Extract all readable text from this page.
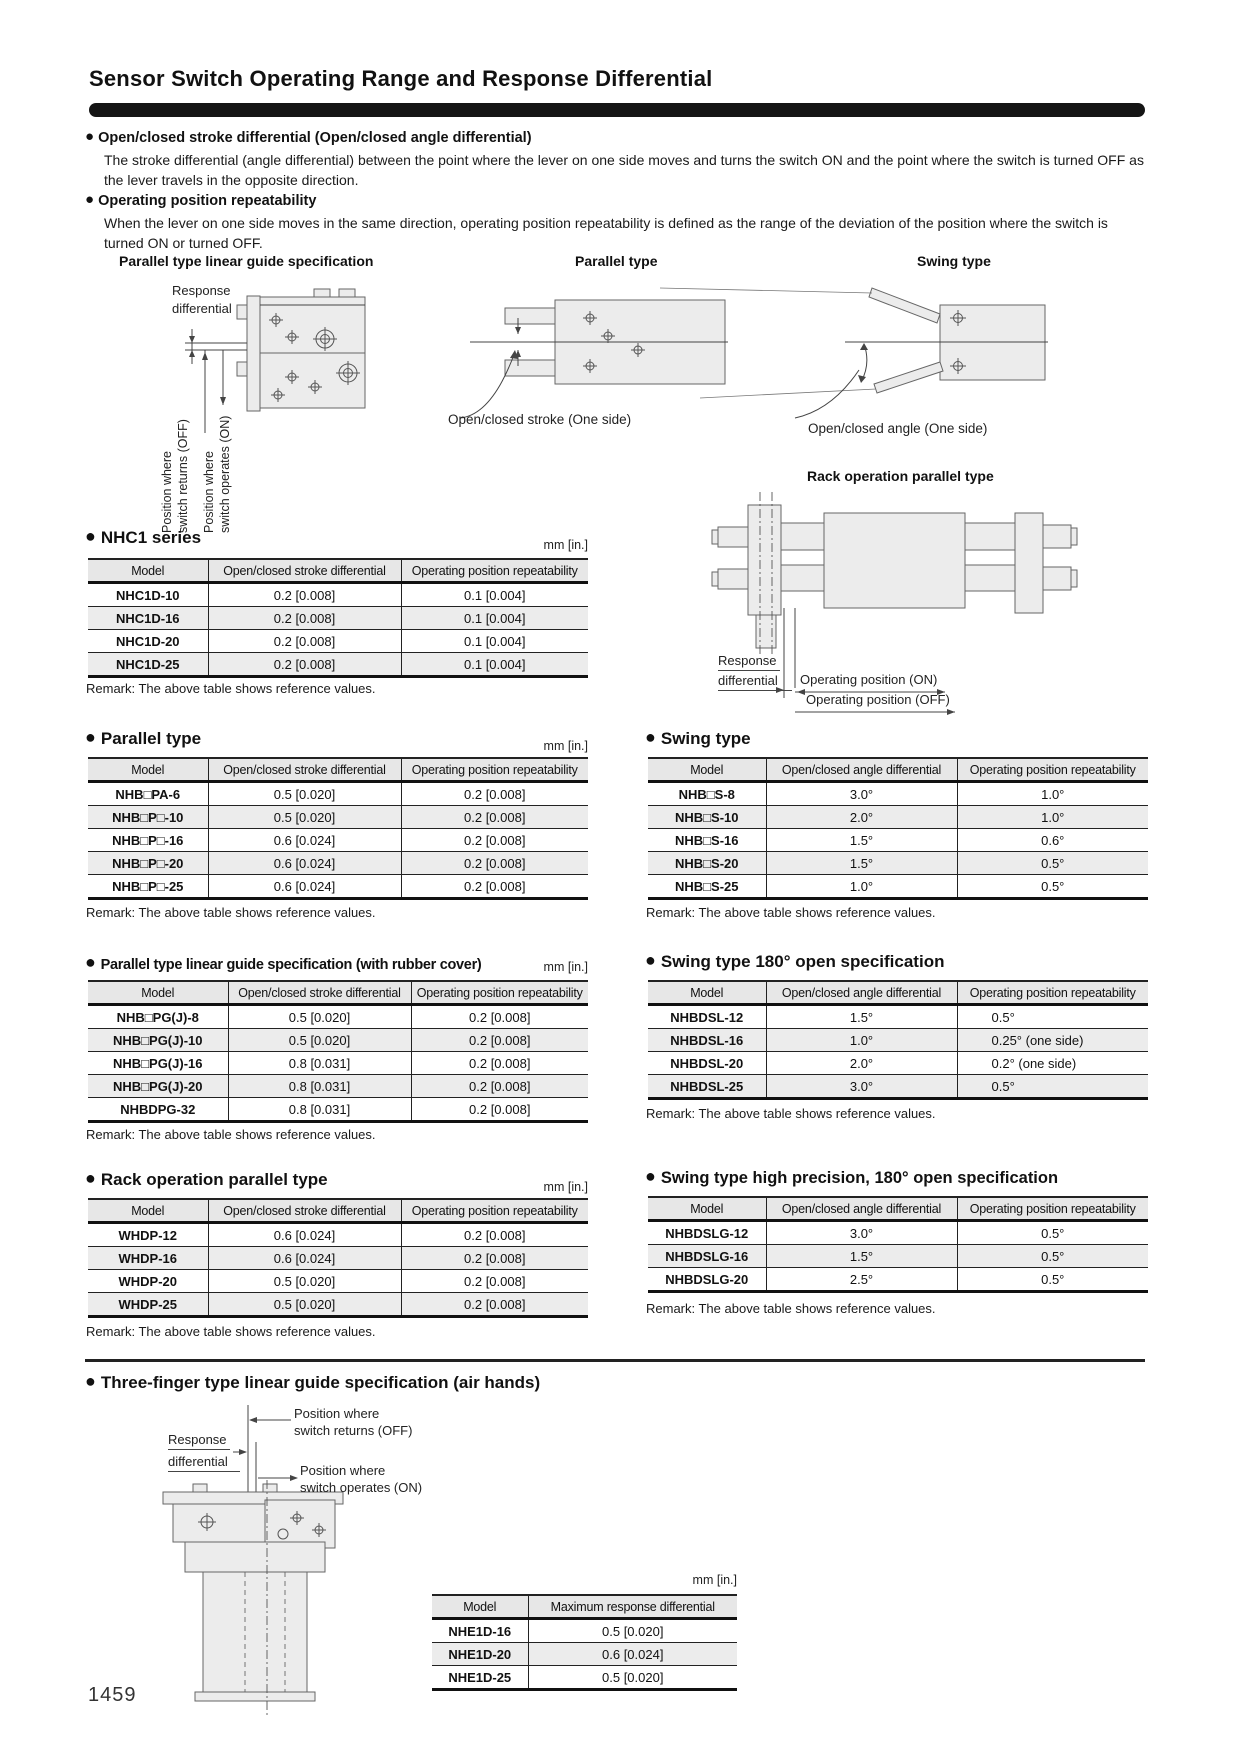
Sensor Switch Operating Range and Response Differential
● Open/closed stroke differential (Open/closed angle differential)
The stroke differential (angle differential) between the point where the lever on one side moves and turns the switch ON and the point where the switch is turned OFF as the lever travels in the opposite direction.
● Operating position repeatability
When the lever on one side moves in the same direction, operating position repeatability is defined as the range of the deviation of the position where the switch is turned ON or turned OFF.
Parallel type linear guide specification	Parallel type	Swing type
Response
differential
Position where switch returns (OFF) Position where switch operates (ON)	Open/closed stroke (One side)
Open/closed angle (One side)
Rack operation parallel type
Response
differential	Operating position (ON)
Operating position (OFF)
● NHC1 series	mm [in.]
Model	Open/closed stroke differential	Operating position repeatability
NHC1D-10	0.2 [0.008]	0.1 [0.004]
NHC1D-16	0.2 [0.008]	0.1 [0.004]
NHC1D-20	0.2 [0.008]	0.1 [0.004]
NHC1D-25	0.2 [0.008]	0.1 [0.004]
Remark: The above table shows reference values.
● Parallel type	mm [in.]
Model	Open/closed stroke differential	Operating position repeatability
NHB□PA-6	0.5 [0.020]	0.2 [0.008]
NHB□P□-10	0.5 [0.020]	0.2 [0.008]
NHB□P□-16	0.6 [0.024]	0.2 [0.008]
NHB□P□-20	0.6 [0.024]	0.2 [0.008]
NHB□P□-25	0.6 [0.024]	0.2 [0.008]
Remark: The above table shows reference values.
● Swing type
Model	Open/closed angle differential	Operating position repeatability
NHB□S-8	3.0°	1.0°
NHB□S-10	2.0°	1.0°
NHB□S-16	1.5°	0.6°
NHB□S-20	1.5°	0.5°
NHB□S-25	1.0°	0.5°
Remark: The above table shows reference values.
● Parallel type linear guide specification (with rubber cover)	mm [in.]
Model	Open/closed stroke differential	Operating position repeatability
NHB□PG(J)-8	0.5 [0.020]	0.2 [0.008]
NHB□PG(J)-10	0.5 [0.020]	0.2 [0.008]
NHB□PG(J)-16	0.8 [0.031]	0.2 [0.008]
NHB□PG(J)-20	0.8 [0.031]	0.2 [0.008]
NHBDPG-32	0.8 [0.031]	0.2 [0.008]
Remark: The above table shows reference values.
● Swing type 180° open specification
Model	Open/closed angle differential	Operating position repeatability
NHBDSL-12	1.5°	0.5°
NHBDSL-16	1.0°	0.25° (one side)
NHBDSL-20	2.0°	0.2° (one side)
NHBDSL-25	3.0°	0.5°
Remark: The above table shows reference values.
● Rack operation parallel type	mm [in.]
Model	Open/closed stroke differential	Operating position repeatability
WHDP-12	0.6 [0.024]	0.2 [0.008]
WHDP-16	0.6 [0.024]	0.2 [0.008]
WHDP-20	0.5 [0.020]	0.2 [0.008]
WHDP-25	0.5 [0.020]	0.2 [0.008]
Remark: The above table shows reference values.
● Swing type high precision, 180° open specification
Model	Open/closed angle differential	Operating position repeatability
NHBDSLG-12	3.0°	0.5°
NHBDSLG-16	1.5°	0.5°
NHBDSLG-20	2.5°	0.5°
Remark: The above table shows reference values.
● Three-finger type linear guide specification (air hands)
Position where
switch returns (OFF)
Response
differential
Position where
switch operates (ON)
mm [in.]
Model	Maximum response differential
NHE1D-16	0.5 [0.020]
NHE1D-20	0.6 [0.024]
NHE1D-25	0.5 [0.020]
1459
